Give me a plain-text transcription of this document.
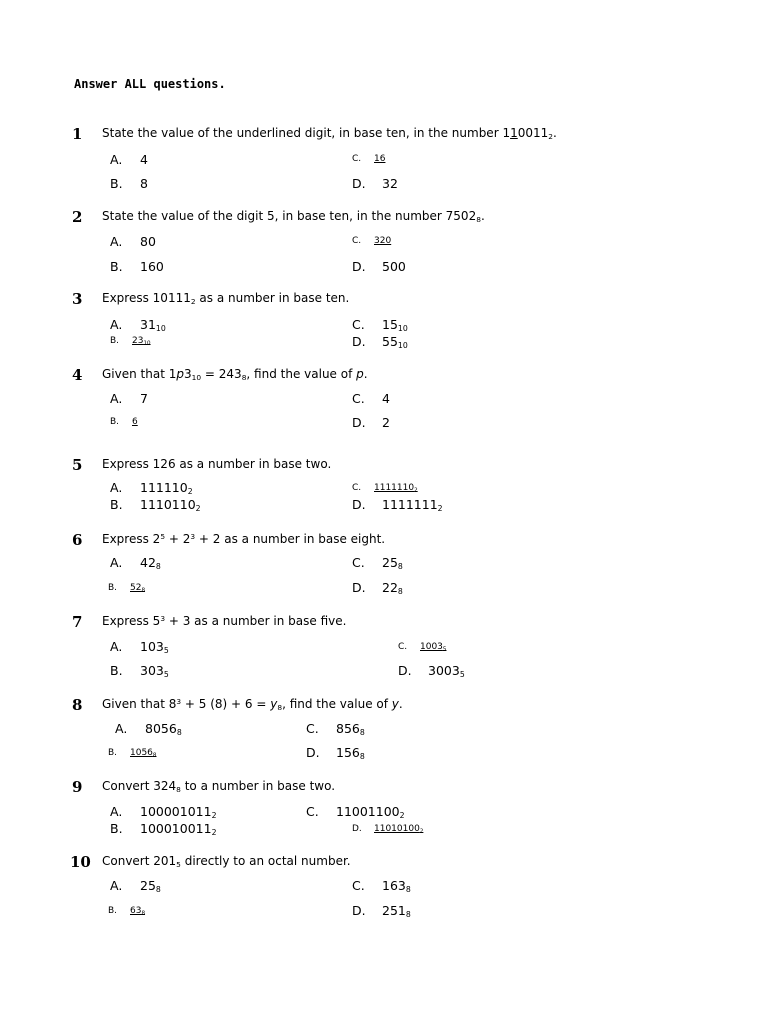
Answer ALL questions.
1 State the value of the underlined digit, in base ten, in the number $110011_2$.
A. 4	C. 16
B. 8	D. 32
2 State the value of the digit 5, in base ten, in the number $7502_8$.
A. 80	C. 320
B. 160	D. 500
3 Express $10111_2$ as a number in base ten.
A. $31_{10}$	C. $15_{10}$
B. $23_{10}$	D. $55_{10}$
4 Given that $1p3_{10} = 243_8$, find the value of p.
A. 7	C. 4
B. 6	D. 2
5 Express 126 as a number in base two.
A. $111110_2$	C. $1111110_2$
B. $1110110_2$	D. $1111111_2$
6 Express $2^5 + 2^3 + 2$ as a number in base eight.
A. $42_8$	C. $25_8$
B. $52_8$	D. $22_8$
7 Express $5^3 + 3$ as a number in base five.
A. $103_5$	C. $1003_5$
B. $303_5$	D. $3003_5$
8 Given that $8^3 + 5$ $(8) + 6 = y_8$, find the value of y.
A. $8056_8$	C. $856_8$
B. $1056_8$	D. $156_8$
9 Convert $324_8$ to a number in base two.
A. $100001011_2$	C. $11001100_2$
B. $100010011_2$	D. $11010100_2$
10 Convert $201_5$ directly to an octal number.
A. $25_8$	C. $163_8$
B. $63_8$	D. $251_8$
